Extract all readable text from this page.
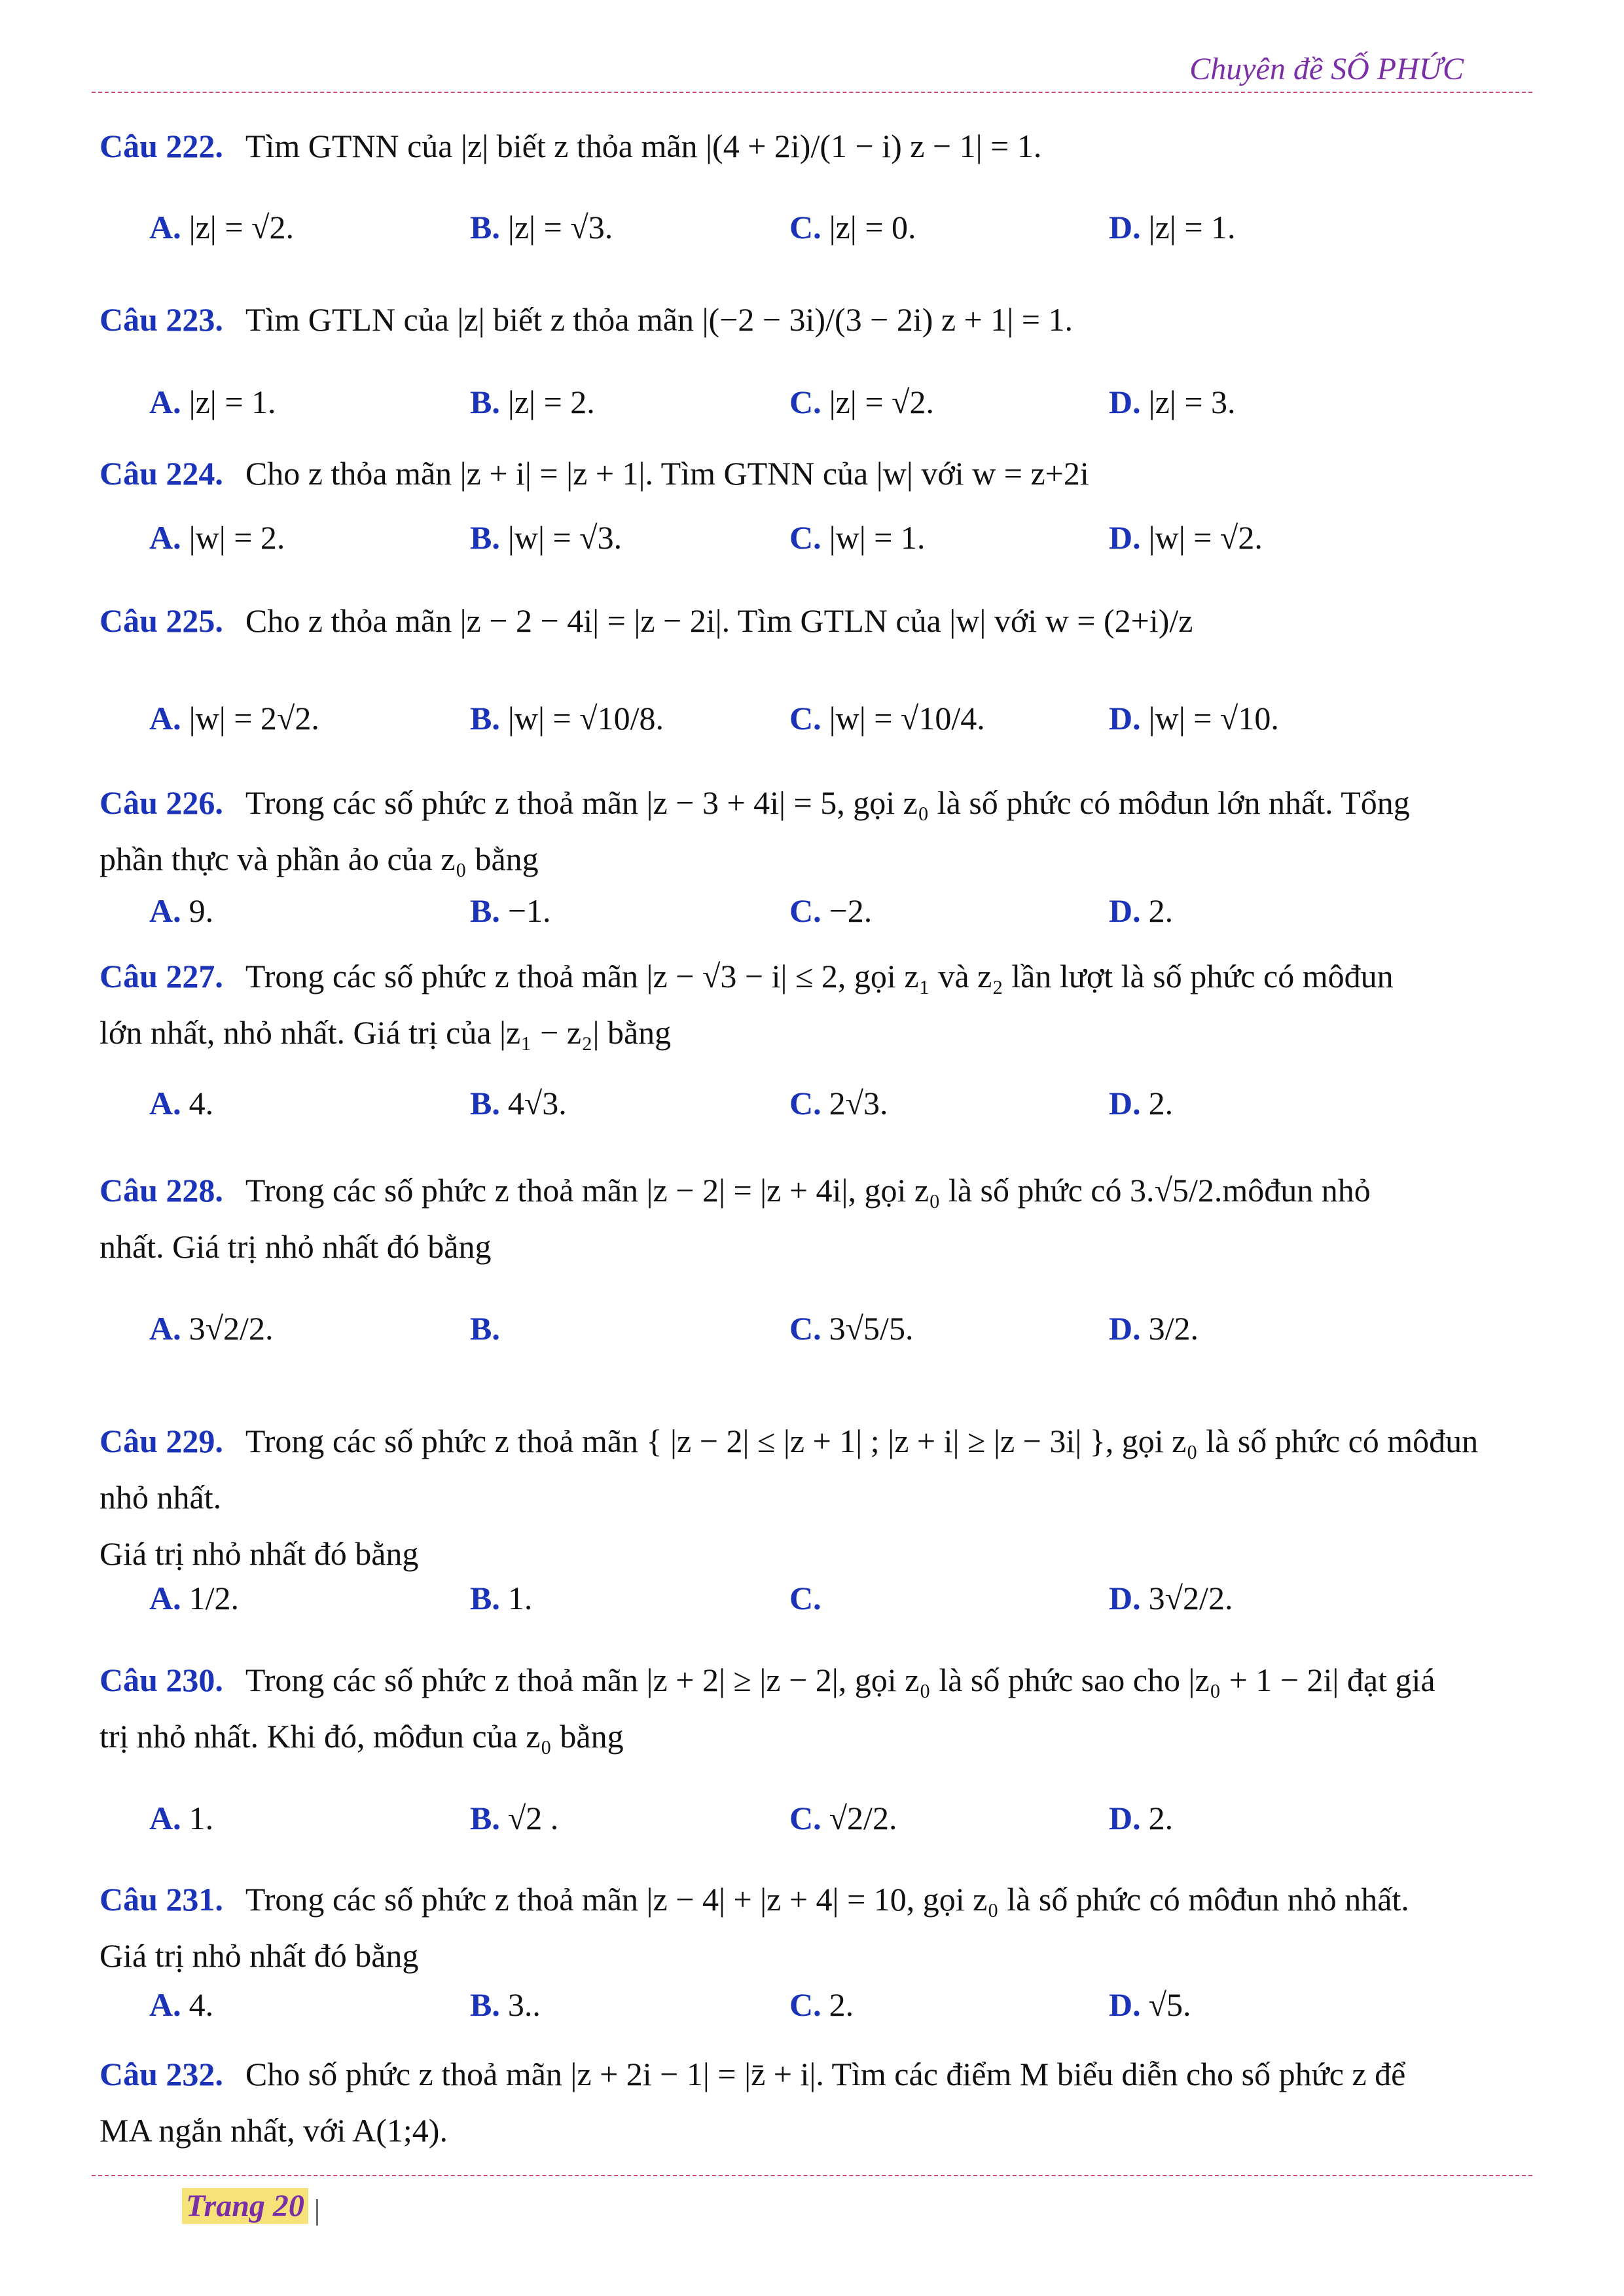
Chuyên đề SỐ PHỨC
Câu 222. Tìm GTNN của |z| biết z thỏa mãn |(4 + 2i)/(1 − i) z − 1| = 1.
A. |z| = √2.	B. |z| = √3.	C. |z| = 0.	D. |z| = 1.
Câu 223. Tìm GTLN của |z| biết z thỏa mãn |(−2 − 3i)/(3 − 2i) z + 1| = 1.
A. |z| = 1.	B. |z| = 2.	C. |z| = √2.	D. |z| = 3.
Câu 224. Cho z thỏa mãn |z + i| = |z + 1|. Tìm GTNN của |w| với w = z+2i
A. |w| = 2.	B. |w| = √3.	C. |w| = 1.	D. |w| = √2.
Câu 225. Cho z thỏa mãn |z − 2 − 4i| = |z − 2i|. Tìm GTLN của |w| với w = (2+i)/z
A. |w| = 2√2.	B. |w| = √10/8.	C. |w| = √10/4.	D. |w| = √10.
Câu 226. Trong các số phức z thoả mãn |z − 3 + 4i| = 5, gọi z₀ là số phức có môđun lớn nhất. Tổng
phần thực và phần ảo của z₀ bằng
A. 9.	B. −1.	C. −2.	D. 2.
Câu 227. Trong các số phức z thoả mãn |z − √3 − i| ≤ 2, gọi z₁ và z₂ lần lượt là số phức có môđun
lớn nhất, nhỏ nhất. Giá trị của |z₁ − z₂| bằng
A. 4.	B. 4√3.	C. 2√3.	D. 2.
Câu 228. Trong các số phức z thoả mãn |z − 2| = |z + 4i|, gọi z₀ là số phức có 3.√5/2.môđun nhỏ
nhất. Giá trị nhỏ nhất đó bằng
A. 3√2/2.	B.	C. 3√5/5.	D. 3/2.
Câu 229. Trong các số phức z thoả mãn { |z − 2| ≤ |z + 1| ; |z + i| ≥ |z − 3i| }, gọi z₀ là số phức có môđun nhỏ nhất.
Giá trị nhỏ nhất đó bằng
A. 1/2.	B. 1.	C.	D. 3√2/2.
Câu 230. Trong các số phức z thoả mãn |z + 2| ≥ |z − 2|, gọi z₀ là số phức sao cho |z₀ + 1 − 2i| đạt giá
trị nhỏ nhất. Khi đó, môđun của z₀ bằng
A. 1.	B. √2 .	C. √2/2.	D. 2.
Câu 231. Trong các số phức z thoả mãn |z − 4| + |z + 4| = 10, gọi z₀ là số phức có môđun nhỏ nhất.
Giá trị nhỏ nhất đó bằng
A. 4.	B. 3..	C. 2.	D. √5.
Câu 232. Cho số phức z thoả mãn |z + 2i − 1| = |z̄ + i|. Tìm các điểm M biểu diễn cho số phức z để
MA ngắn nhất, với A(1;4).
Trang 20 |
